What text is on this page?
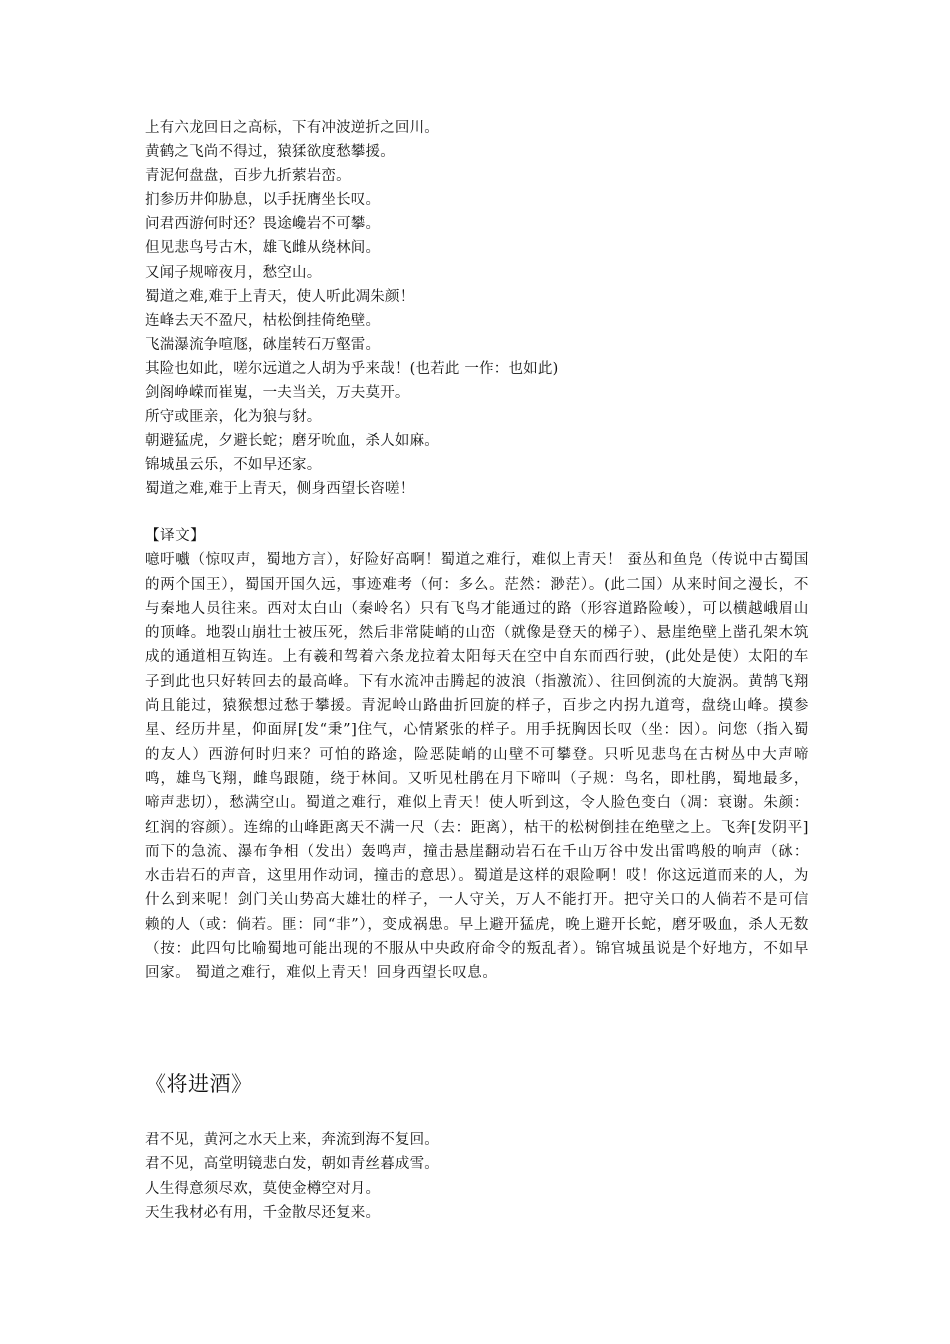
上有六龙回日之高标，下有冲波逆折之回川。
黄鹤之飞尚不得过，猿猱欲度愁攀援。
青泥何盘盘，百步九折萦岩峦。
扪参历井仰胁息，以手抚膺坐长叹。
问君西游何时还？畏途巉岩不可攀。
但见悲鸟号古木，雄飞雌从绕林间。
又闻子规啼夜月，愁空山。
蜀道之难,难于上青天，使人听此凋朱颜！
连峰去天不盈尺，枯松倒挂倚绝壁。
飞湍瀑流争喧豗，砯崖转石万壑雷。
其险也如此，嗟尔远道之人胡为乎来哉！(也若此 一作：也如此)
剑阁峥嵘而崔嵬，一夫当关，万夫莫开。
所守或匪亲，化为狼与豺。
朝避猛虎，夕避长蛇；磨牙吮血，杀人如麻。
锦城虽云乐，不如早还家。
蜀道之难,难于上青天，侧身西望长咨嗟！
【译文】
噫吁嚱（惊叹声，蜀地方言），好险好高啊！蜀道之难行，难似上青天！ 蚕丛和鱼凫（传说中古蜀国的两个国王），蜀国开国久远，事迹难考（何：多么。茫然：渺茫）。(此二国）从来时间之漫长，不与秦地人员往来。西对太白山（秦岭名）只有飞鸟才能通过的路（形容道路险峻），可以横越峨眉山的顶峰。地裂山崩壮士被压死，然后非常陡峭的山峦（就像是登天的梯子）、悬崖绝壁上凿孔架木筑成的通道相互钩连。上有羲和驾着六条龙拉着太阳每天在空中自东而西行驶，(此处是使）太阳的车子到此也只好转回去的最高峰。下有水流冲击腾起的波浪（指激流）、往回倒流的大旋涡。黄鹄飞翔尚且能过，猿猴想过愁于攀援。青泥岭山路曲折回旋的样子，百步之内拐九道弯，盘绕山峰。摸参星、经历井星，仰面屏[发“秉”]住气，心情紧张的样子。用手抚胸因长叹（坐：因）。问您（指入蜀的友人）西游何时归来？可怕的路途，险恶陡峭的山壁不可攀登。只听见悲鸟在古树丛中大声啼鸣，雄鸟飞翔，雌鸟跟随，绕于林间。又听见杜鹃在月下啼叫（子规：鸟名，即杜鹃，蜀地最多，啼声悲切），愁满空山。蜀道之难行，难似上青天！使人听到这，令人脸色变白（凋：衰谢。朱颜：红润的容颜）。连绵的山峰距离天不满一尺（去：距离），枯干的松树倒挂在绝壁之上。飞奔[发阴平]而下的急流、瀑布争相（发出）轰鸣声，撞击悬崖翻动岩石在千山万谷中发出雷鸣般的响声（砯：水击岩石的声音，这里用作动词，撞击的意思）。蜀道是这样的艰险啊！哎！你这远道而来的人，为什么到来呢！剑门关山势高大雄壮的样子，一人守关，万人不能打开。把守关口的人倘若不是可信赖的人（或：倘若。匪：同“非”），变成祸患。早上避开猛虎，晚上避开长蛇，磨牙吸血，杀人无数（按：此四句比喻蜀地可能出现的不服从中央政府命令的叛乱者）。锦官城虽说是个好地方，不如早回家。 蜀道之难行，难似上青天！回身西望长叹息。
《将进酒》
君不见，黄河之水天上来，奔流到海不复回。
君不见，高堂明镜悲白发，朝如青丝暮成雪。
人生得意须尽欢，莫使金樽空对月。
天生我材必有用，千金散尽还复来。
